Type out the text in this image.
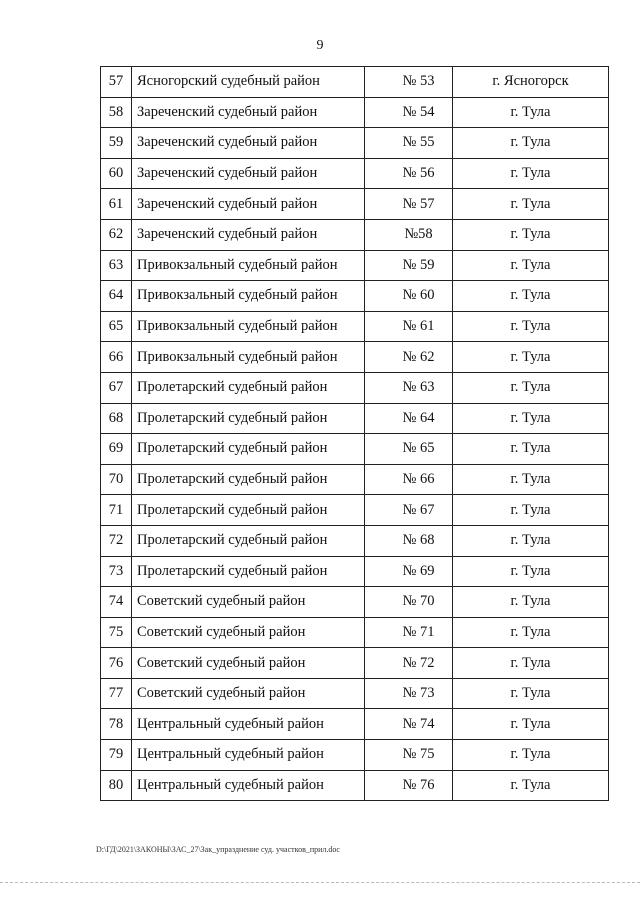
9
57	Ясногорский судебный район	№ 53	г. Ясногорск
58	Зареченский судебный район	№ 54	г. Тула
59	Зареченский судебный район	№ 55	г. Тула
60	Зареченский судебный район	№ 56	г. Тула
61	Зареченский судебный район	№ 57	г. Тула
62	Зареченский судебный район	№58	г. Тула
63	Привокзальный судебный район	№ 59	г. Тула
64	Привокзальный судебный район	№ 60	г. Тула
65	Привокзальный судебный район	№ 61	г. Тула
66	Привокзальный судебный район	№ 62	г. Тула
67	Пролетарский судебный район	№ 63	г. Тула
68	Пролетарский судебный район	№ 64	г. Тула
69	Пролетарский судебный район	№ 65	г. Тула
70	Пролетарский судебный район	№ 66	г. Тула
71	Пролетарский судебный район	№ 67	г. Тула
72	Пролетарский судебный район	№ 68	г. Тула
73	Пролетарский судебный район	№ 69	г. Тула
74	Советский судебный район	№ 70	г. Тула
75	Советский судебный район	№ 71	г. Тула
76	Советский судебный район	№ 72	г. Тула
77	Советский судебный район	№ 73	г. Тула
78	Центральный судебный район	№ 74	г. Тула
79	Центральный судебный район	№ 75	г. Тула
80	Центральный судебный район	№ 76	г. Тула
D:\ГД\2021\ЗАКОНЫ\ЗАС_27\Зак_упразднение суд. участков_прил.doc
